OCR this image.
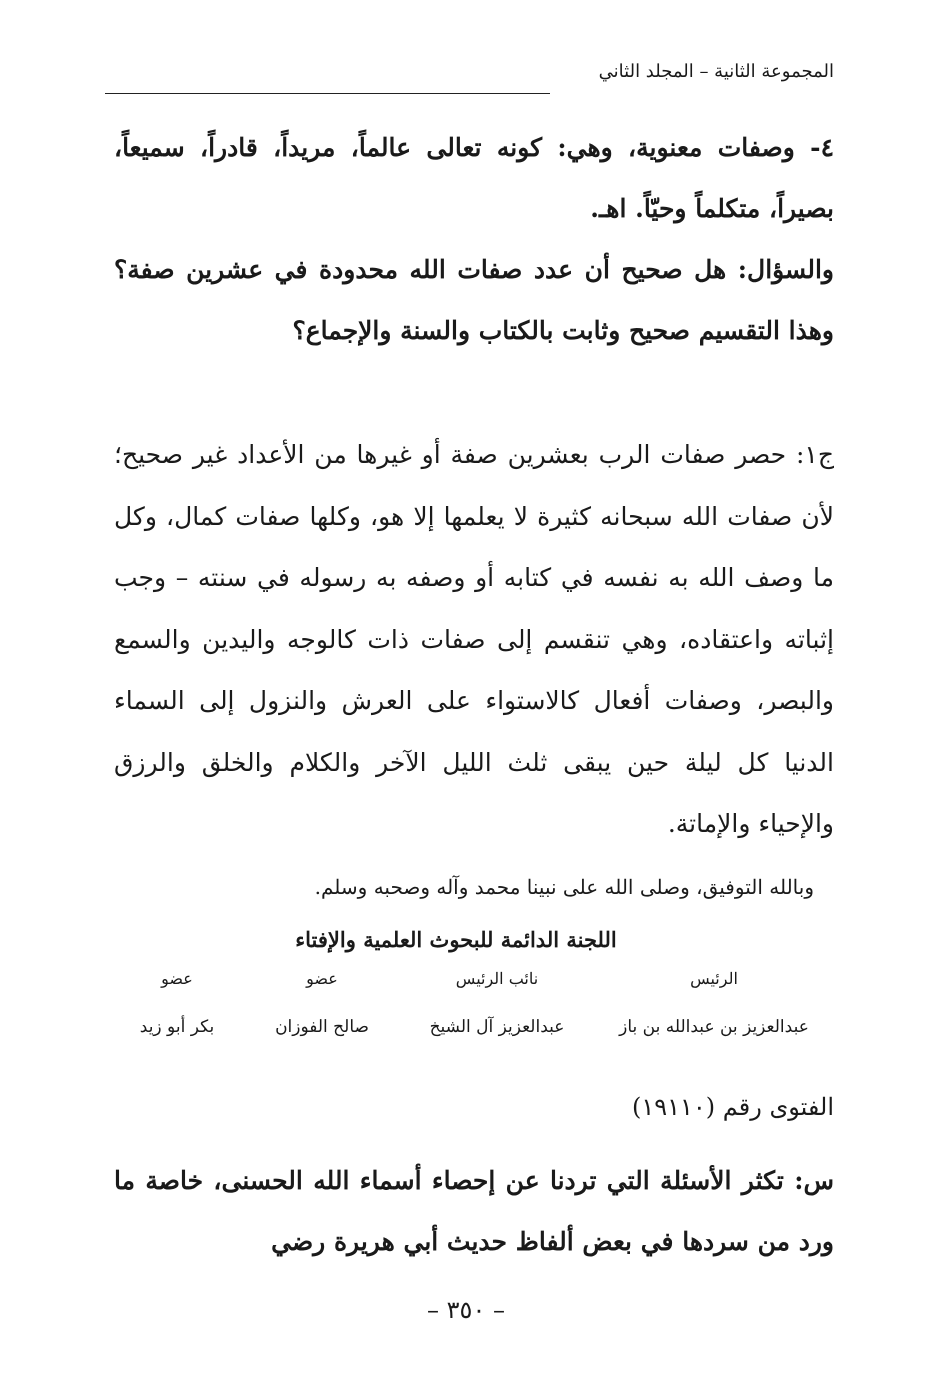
المجموعة الثانية – المجلد الثاني
٤- وصفات معنوية، وهي: كونه تعالى عالماً، مريداً، قادراً، سميعاً، بصيراً، متكلماً وحيّاً. اهـ.
والسؤال: هل صحيح أن عدد صفات الله محدودة في عشرين صفة؟ وهذا التقسيم صحيح وثابت بالكتاب والسنة والإجماع؟
ج١: حصر صفات الرب بعشرين صفة أو غيرها من الأعداد غير صحيح؛ لأن صفات الله سبحانه كثيرة لا يعلمها إلا هو، وكلها صفات كمال، وكل ما وصف الله به نفسه في كتابه أو وصفه به رسوله في سنته – وجب إثباته واعتقاده، وهي تنقسم إلى صفات ذات كالوجه واليدين والسمع والبصر، وصفات أفعال كالاستواء على العرش والنزول إلى السماء الدنيا كل ليلة حين يبقى ثلث الليل الآخر والكلام والخلق والرزق والإحياء والإماتة.
وبالله التوفيق، وصلى الله على نبينا محمد وآله وصحبه وسلم.
اللجنة الدائمة للبحوث العلمية والإفتاء
الرئيس
عبدالعزيز بن عبدالله بن باز
نائب الرئيس
عبدالعزيز آل الشيخ
عضو
صالح الفوزان
عضو
بكر أبو زيد
الفتوى رقم (١٩١١٠)
س: تكثر الأسئلة التي تردنا عن إحصاء أسماء الله الحسنى، خاصة ما ورد من سردها في بعض ألفاظ حديث أبي هريرة رضي
– ٣٥٠ –
